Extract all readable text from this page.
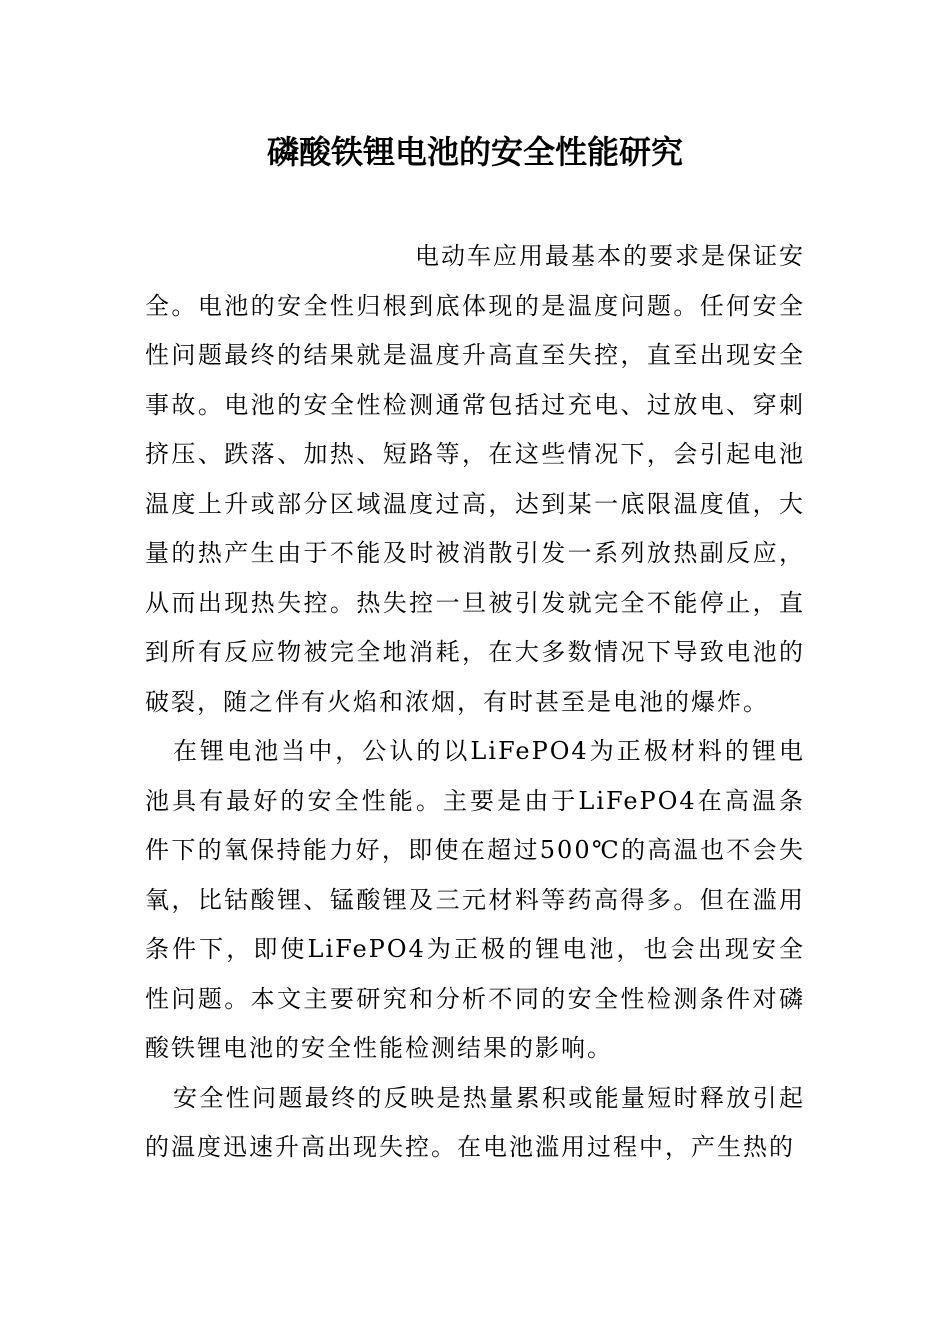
磷酸铁锂电池的安全性能研究

电动车应用最基本的要求是保证安全。电池的安全性归根到底体现的是温度问题。任何安全性问题最终的结果就是温度升高直至失控，直至出现安全事故。电池的安全性检测通常包括过充电、过放电、穿刺挤压、跌落、加热、短路等，在这些情况下，会引起电池温度上升或部分区域温度过高，达到某一底限温度值，大量的热产生由于不能及时被消散引发一系列放热副反应，从而出现热失控。热失控一旦被引发就完全不能停止，直到所有反应物被完全地消耗，在大多数情况下导致电池的破裂，随之伴有火焰和浓烟，有时甚至是电池的爆炸。

在锂电池当中，公认的以LiFePO4为正极材料的锂电池具有最好的安全性能。主要是由于LiFePO4在高温条件下的氧保持能力好，即使在超过500℃的高温也不会失氧，比钴酸锂、锰酸锂及三元材料等药高得多。但在滥用条件下，即使LiFePO4为正极的锂电池，也会出现安全性问题。本文主要研究和分析不同的安全性检测条件对磷酸铁锂电池的安全性能检测结果的影响。

安全性问题最终的反映是热量累积或能量短时释放引起的温度迅速升高出现失控。在电池滥用过程中，产生热的
